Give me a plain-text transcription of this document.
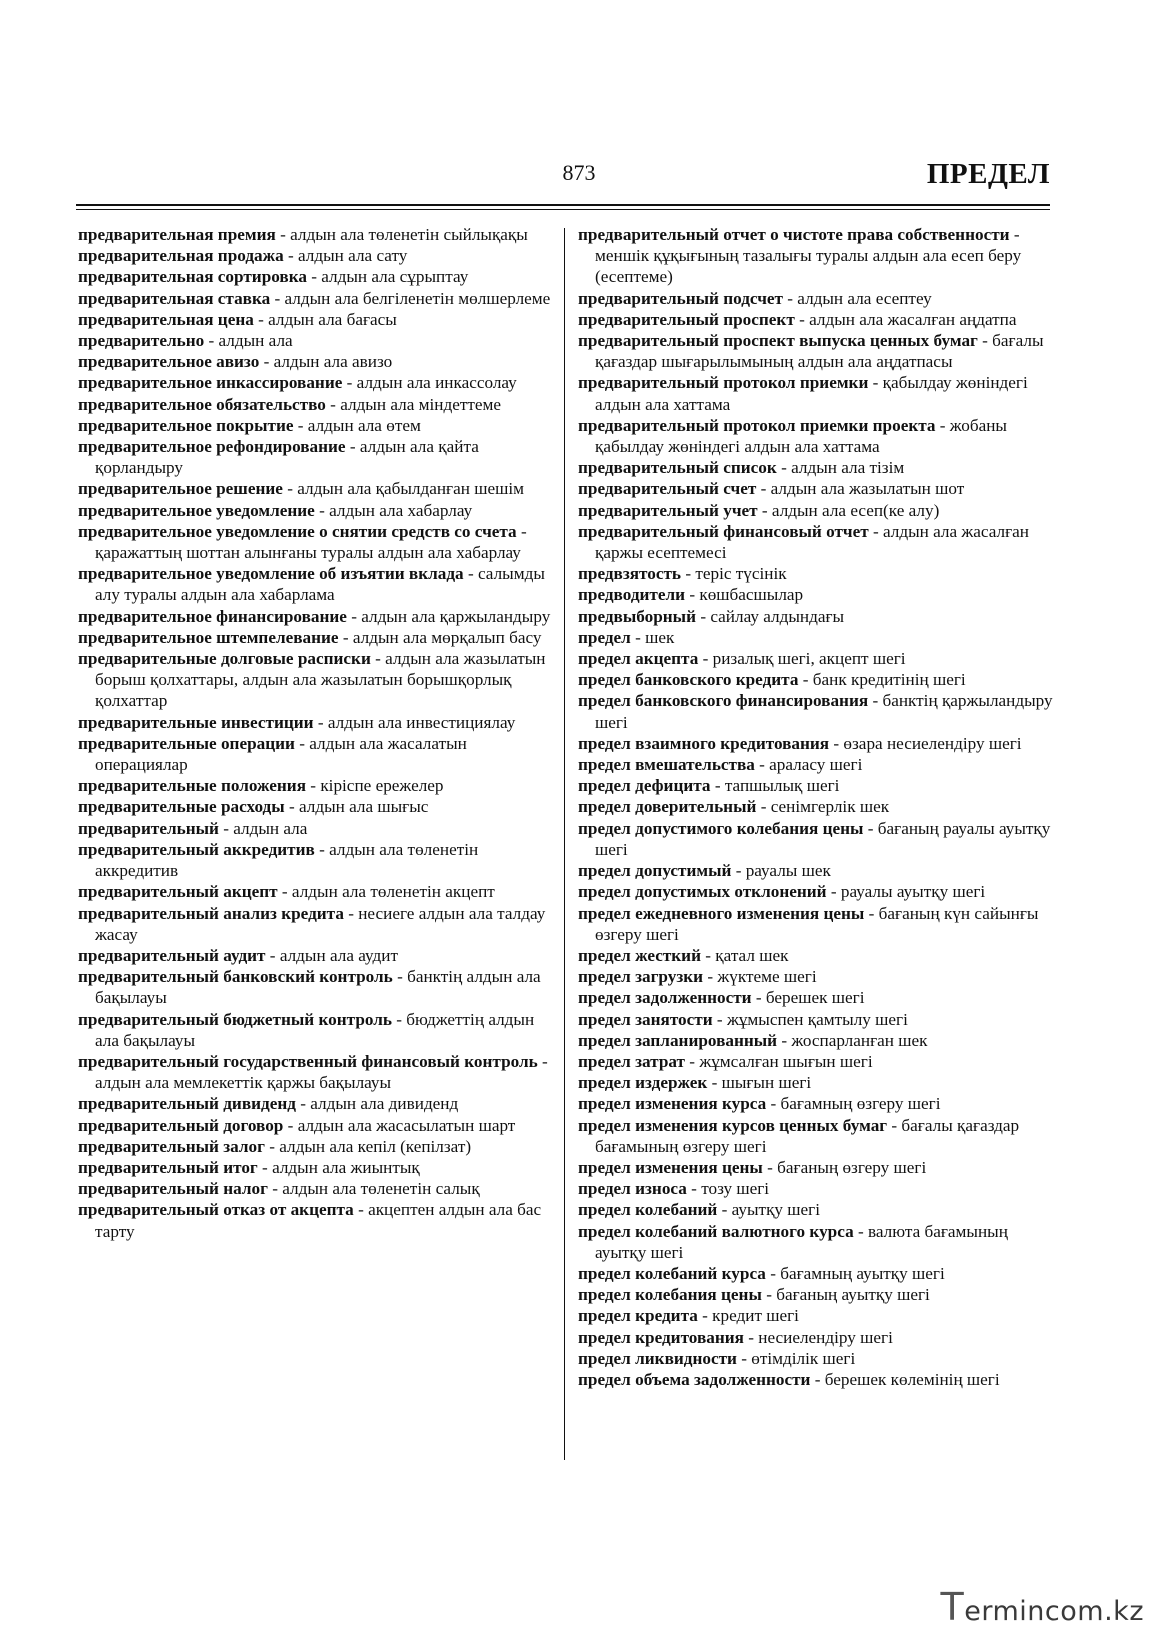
873	ПРЕДЕЛ

предварительная премия - алдын ала төленетін сыйлықақы

предварительная продажа - алдын ала сату

предварительная сортировка - алдын ала сұрыптау

предварительная ставка - алдын ала белгіленетін мөлшерлеме

предварительная цена - алдын ала бағасы

предварительно - алдын ала

предварительное авизо - алдын ала авизо

предварительное инкассирование - алдын ала инкассолау

предварительное обязательство - алдын ала міндеттеме

предварительное покрытие - алдын ала өтем

предварительное рефондирование - алдын ала қайта қорландыру

предварительное решение - алдын ала қабылданған шешім

предварительное уведомление - алдын ала хабарлау

предварительное уведомление о снятии средств со счета - қаражаттың шоттан алынғаны туралы алдын ала хабарлау

предварительное уведомление об изъятии вклада - салымды алу туралы алдын ала хабарлама

предварительное финансирование - алдын ала қаржыландыру

предварительное штемпелевание - алдын ала мөрқалып басу

предварительные долговые расписки - алдын ала жазылатын борыш қолхаттары, алдын ала жазылатын борышқорлық қолхаттар

предварительные инвестиции - алдын ала инвестициялау

предварительные операции - алдын ала жасалатын операциялар

предварительные положения - кіріспе ережелер

предварительные расходы - алдын ала шығыс

предварительный - алдын ала

предварительный аккредитив - алдын ала төленетін аккредитив

предварительный акцепт - алдын ала төленетін акцепт

предварительный анализ кредита - несиеге алдын ала талдау жасау

предварительный аудит - алдын ала аудит

предварительный банковский контроль - банктің алдын ала бақылауы

предварительный бюджетный контроль - бюджеттің алдын ала бақылауы

предварительный государственный финансовый контроль - алдын ала мемлекеттік қаржы бақылауы

предварительный дивиденд - алдын ала дивиденд

предварительный договор - алдын ала жасасылатын шарт

предварительный залог - алдын ала кепіл (кепілзат)

предварительный итог - алдын ала жиынтық

предварительный налог - алдын ала төленетін салық

предварительный отказ от акцепта - акцептен алдын ала бас тарту

предварительный отчет о чистоте права собственности - меншік құқығының тазалығы туралы алдын ала есеп беру (есептеме)

предварительный подсчет - алдын ала есептеу

предварительный проспект - алдын ала жасалған аңдатпа

предварительный проспект выпуска ценных бумаг - бағалы қағаздар шығарылымының алдын ала аңдатпасы

предварительный протокол приемки - қабылдау жөніндегі алдын ала хаттама

предварительный протокол приемки проекта - жобаны қабылдау жөніндегі алдын ала хаттама

предварительный список - алдын ала тізім

предварительный счет - алдын ала жазылатын шот

предварительный учет - алдын ала есеп(ке алу)

предварительный финансовый отчет - алдын ала жасалған қаржы есептемесі

предвзятость - теріс түсінік

предводители - көшбасшылар

предвыборный - сайлау алдындағы

предел - шек

предел акцепта - ризалық шегі, акцепт шегі

предел банковского кредита - банк кредитінің шегі

предел банковского финансирования - банктің қаржыландыру шегі

предел взаимного кредитования - өзара несиелендіру шегі

предел вмешательства - араласу шегі

предел дефицита - тапшылық шегі

предел доверительный - сенімгерлік шек

предел допустимого колебания цены - бағаның рауалы ауытқу шегі

предел допустимый - рауалы шек

предел допустимых отклонений - рауалы ауытқу шегі

предел ежедневного изменения цены - бағаның күн сайынғы өзгеру шегі

предел жесткий - қатал шек

предел загрузки - жүктеме шегі

предел задолженности - берешек шегі

предел занятости - жұмыспен қамтылу шегі

предел запланированный - жоспарланған шек

предел затрат - жұмсалған шығын шегі

предел издержек - шығын шегі

предел изменения курса - бағамның өзгеру шегі

предел изменения курсов ценных бумаг - бағалы қағаздар бағамының өзгеру шегі

предел изменения цены - бағаның өзгеру шегі

предел износа - тозу шегі

предел колебаний - ауытқу шегі

предел колебаний валютного курса - валюта бағамының ауытқу шегі

предел колебаний курса - бағамның ауытқу шегі

предел колебания цены - бағаның ауытқу шегі

предел кредита - кредит шегі

предел кредитования - несиелендіру шегі

предел ликвидности - өтімділік шегі

предел объема задолженности - берешек көлемінің шегі

Termincom.kz
